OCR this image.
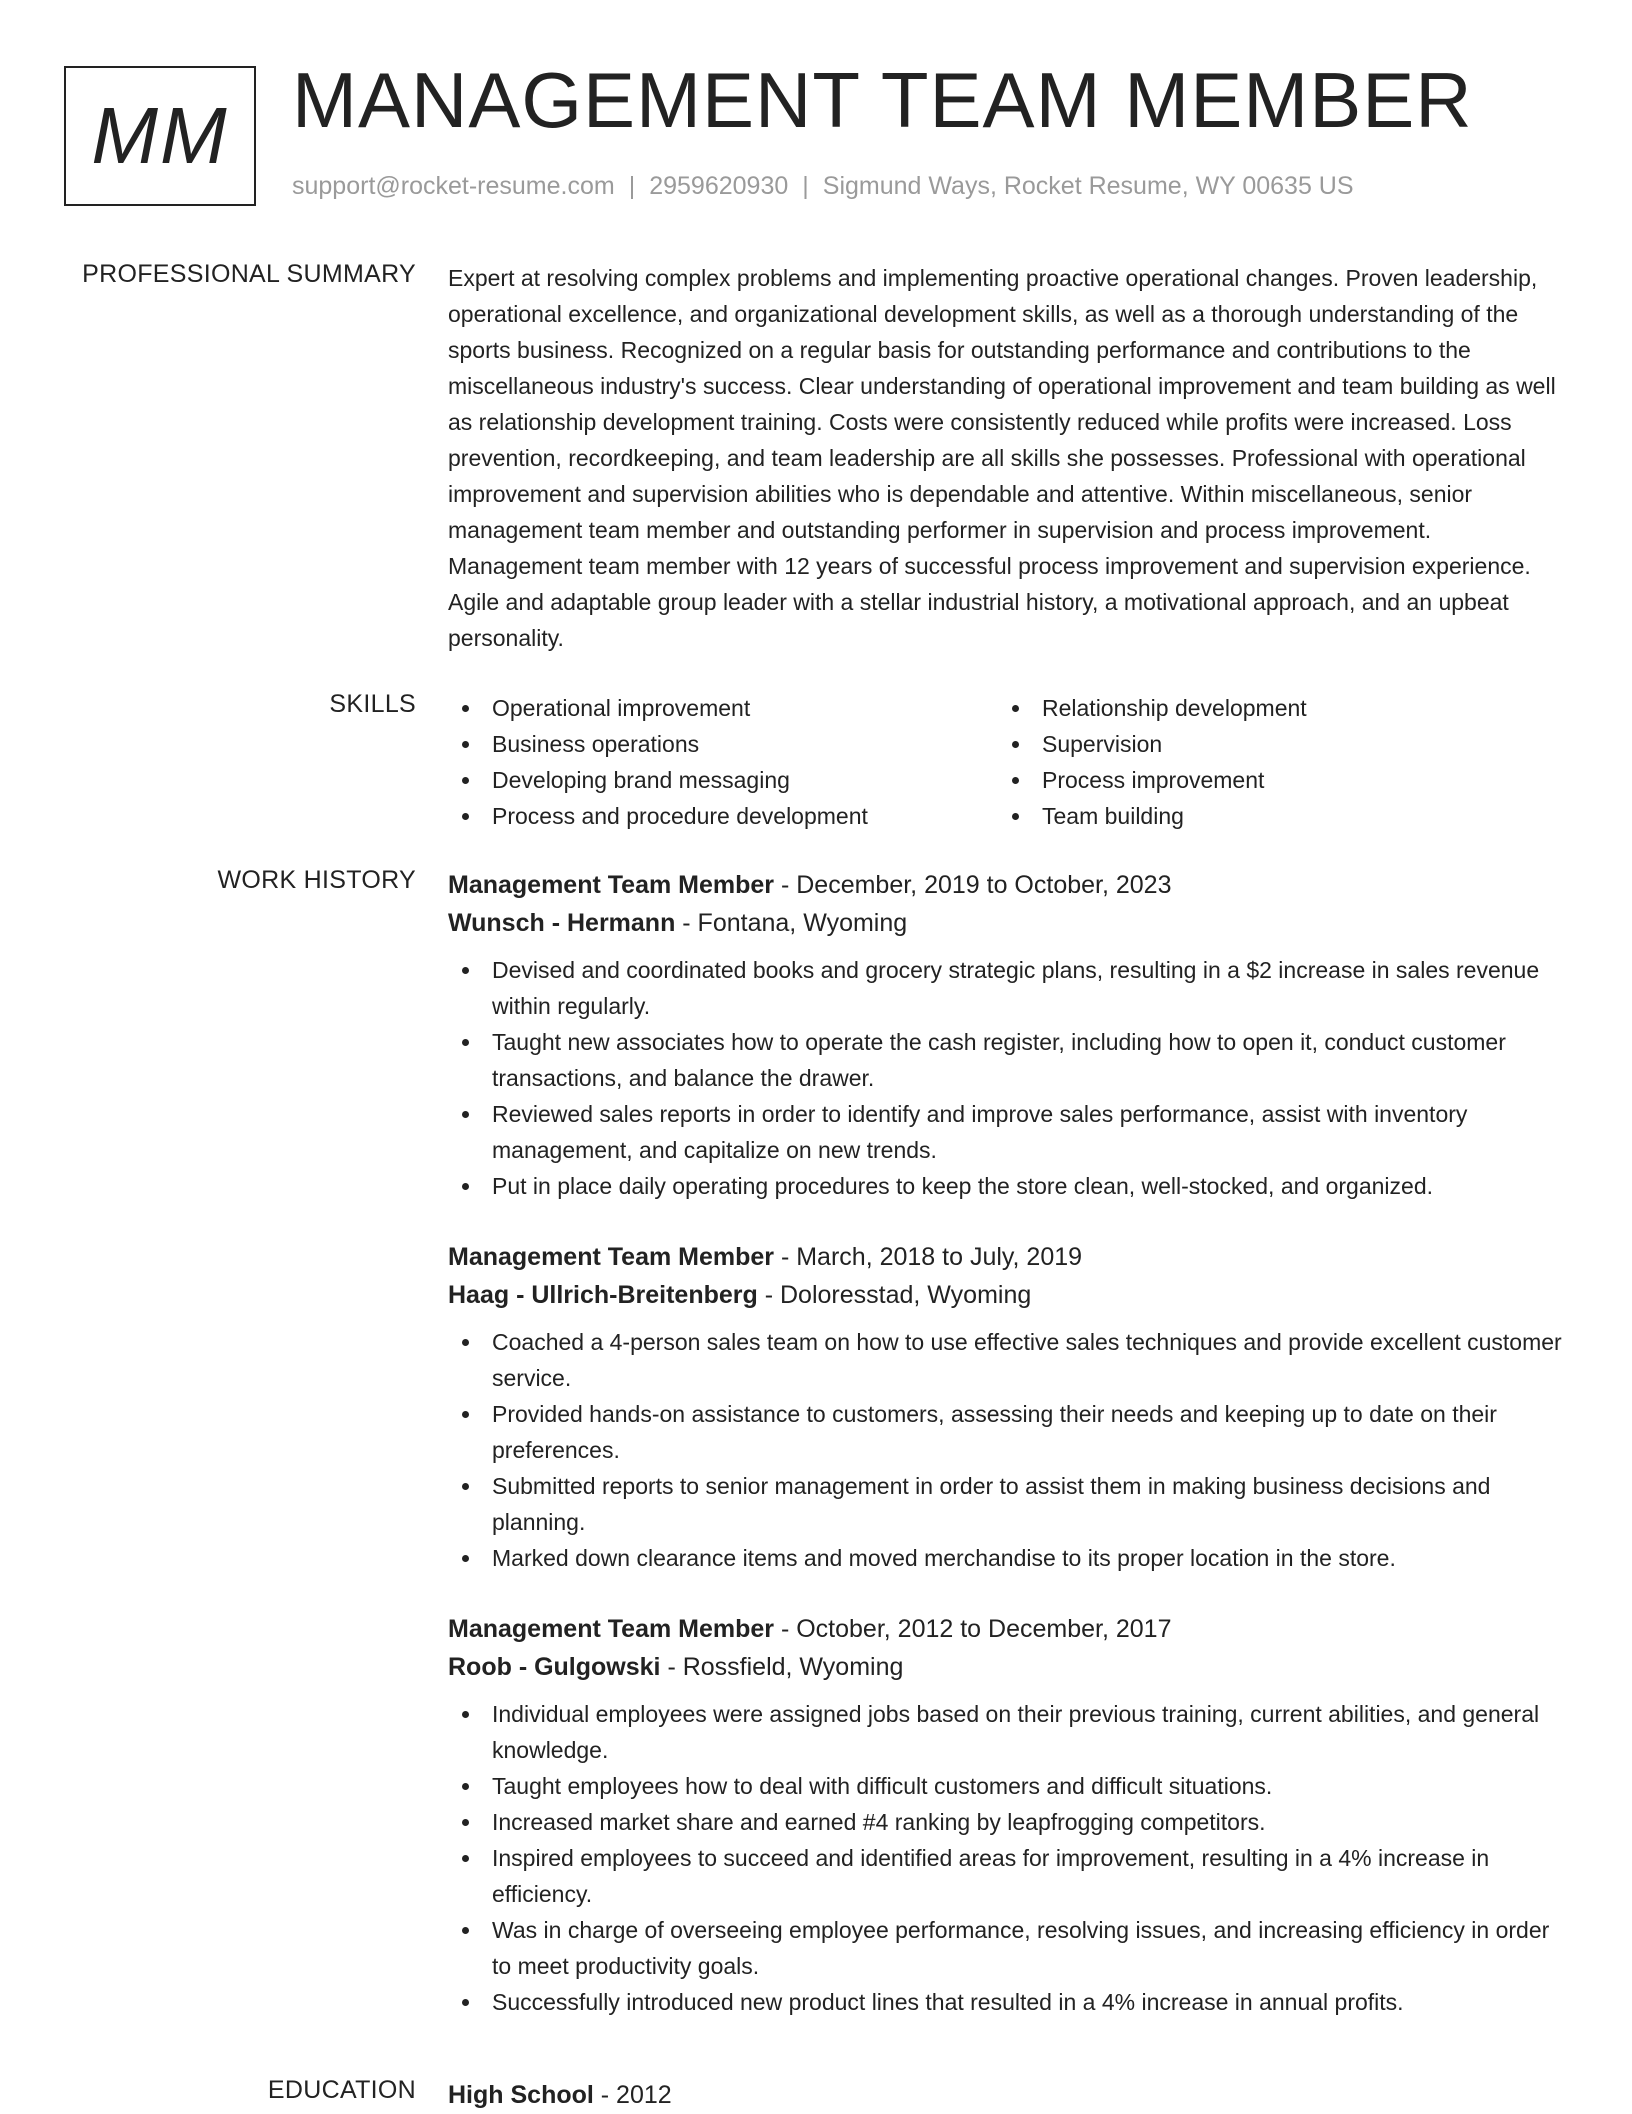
MM MANAGEMENT TEAM MEMBER
support@rocket-resume.com | 2959620930 | Sigmund Ways, Rocket Resume, WY 00635 US
PROFESSIONAL SUMMARY Expert at resolving complex problems and implementing proactive operational changes. Proven leadership, operational excellence, and organizational development skills, as well as a thorough understanding of the sports business. Recognized on a regular basis for outstanding performance and contributions to the miscellaneous industry's success. Clear understanding of operational improvement and team building as well as relationship development training. Costs were consistently reduced while profits were increased. Loss prevention, recordkeeping, and team leadership are all skills she possesses. Professional with operational improvement and supervision abilities who is dependable and attentive. Within miscellaneous, senior management team member and outstanding performer in supervision and process improvement. Management team member with 12 years of successful process improvement and supervision experience. Agile and adaptable group leader with a stellar industrial history, a motivational approach, and an upbeat personality.

SKILLS	Operational improvement
Business operations
Developing brand messaging
Process and procedure development
Relationship development
Supervision
Process improvement
Team building
WORK HISTORY Management Team Member - December, 2019 to October, 2023
Wunsch - Hermann - Fontana, Wyoming
Devised and coordinated books and grocery strategic plans, resulting in a $2 increase in sales revenue within regularly.
Taught new associates how to operate the cash register, including how to open it, conduct customer transactions, and balance the drawer.
Reviewed sales reports in order to identify and improve sales performance, assist with inventory management, and capitalize on new trends.
Put in place daily operating procedures to keep the store clean, well-stocked, and organized.
Management Team Member - March, 2018 to July, 2019
Haag - Ullrich-Breitenberg - Doloresstad, Wyoming
Coached a 4-person sales team on how to use effective sales techniques and provide excellent customer service.
Provided hands-on assistance to customers, assessing their needs and keeping up to date on their preferences.
Submitted reports to senior management in order to assist them in making business decisions and planning.
Marked down clearance items and moved merchandise to its proper location in the store.
Management Team Member - October, 2012 to December, 2017
Roob - Gulgowski - Rossfield, Wyoming
Individual employees were assigned jobs based on their previous training, current abilities, and general knowledge.
Taught employees how to deal with difficult customers and difficult situations.
Increased market share and earned #4 ranking by leapfrogging competitors.
Inspired employees to succeed and identified areas for improvement, resulting in a 4% increase in efficiency.
Was in charge of overseeing employee performance, resolving issues, and increasing efficiency in order to meet productivity goals.
Successfully introduced new product lines that resulted in a 4% increase in annual profits.
EDUCATION High School - 2012
